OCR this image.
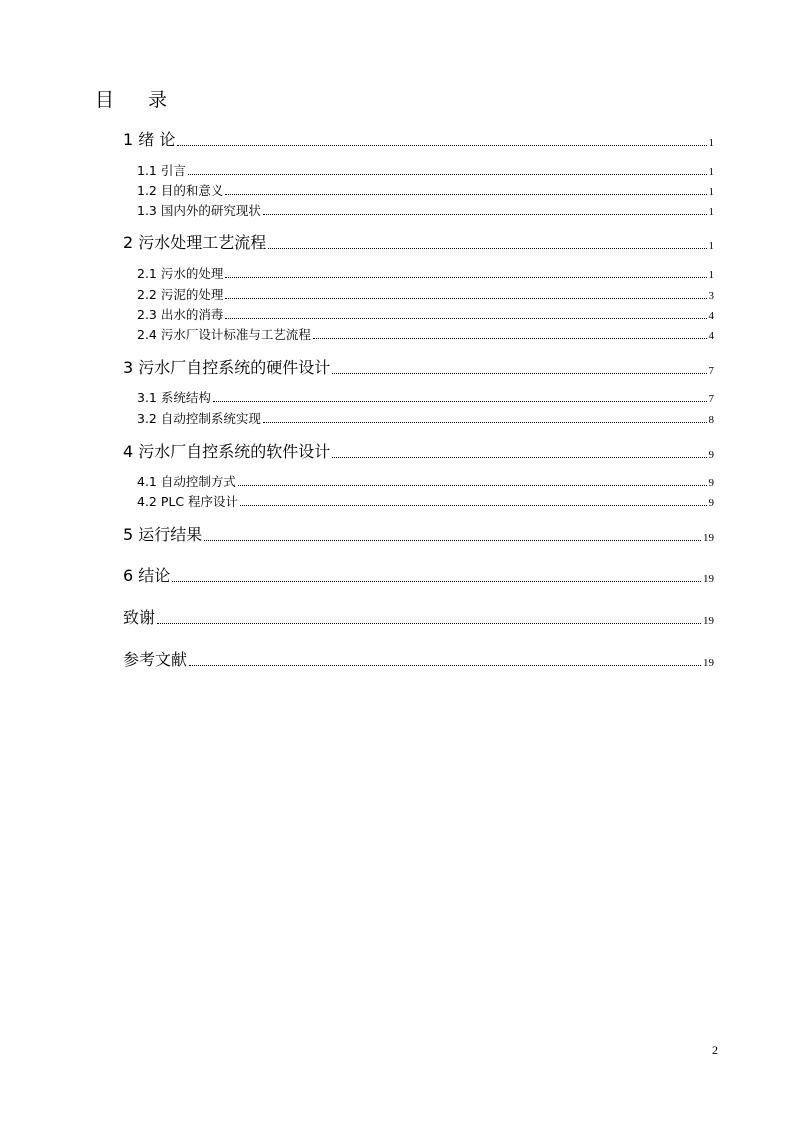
目 录
1 绪 论	1
1.1 引言	1
1.2 目的和意义	1
1.3 国内外的研究现状	1
2 污水处理工艺流程	1
2.1 污水的处理	1
2.2 污泥的处理	3
2.3 出水的消毒	4
2.4 污水厂设计标准与工艺流程	4
3 污水厂自控系统的硬件设计	7
3.1 系统结构	7
3.2 自动控制系统实现	8
4 污水厂自控系统的软件设计	9
4.1 自动控制方式	9
4.2 PLC 程序设计	9
5 运行结果	19
6 结论	19
致谢	19
参考文献	19
2
